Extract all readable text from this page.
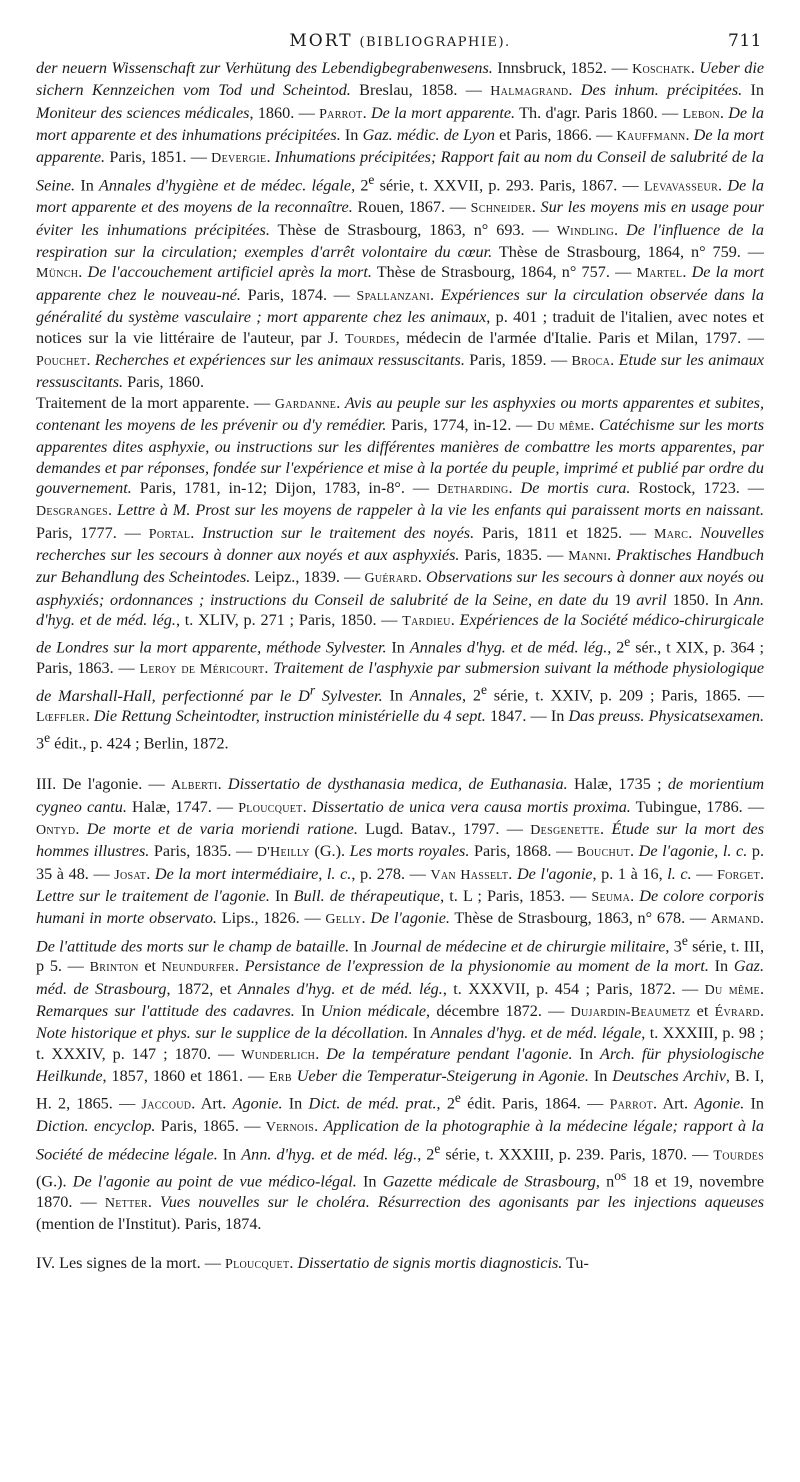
MORT (BIBLIOGRAPHIE).	711

der neuern Wissenschaft zur Verhütung des Lebendigbegrabenwesens. Innsbruck, 1852. — Koschatk. Ueber die sichern Kennzeichen vom Tod und Scheintod. Breslau, 1858. — Halmagrand. Des inhum. précipitées. In Moniteur des sciences médicales, 1860. — Parrot. De la mort apparente. Th. d'agr. Paris 1860. — Lebon. De la mort apparente et des inhumations précipitées. In Gaz. médic. de Lyon et Paris, 1866. — Kauffmann. De la mort apparente. Paris, 1851. — Devergie. Inhumations précipitées; Rapport fait au nom du Conseil de salubrité de la Seine. In Annales d'hygiène et de médec. légale, 2e série, t. XXVII, p. 293. Paris, 1867. — Levavasseur. De la mort apparente et des moyens de la reconnaître. Rouen, 1867. — Schneider. Sur les moyens mis en usage pour éviter les inhumations précipitées. Thèse de Strasbourg, 1863, n° 693. — Windling. De l'influence de la respiration sur la circulation; exemples d'arrêt volontaire du cœur. Thèse de Strasbourg, 1864, n° 759. — Münch. De l'accouchement artificiel après la mort. Thèse de Strasbourg, 1864, n° 757. — Martel. De la mort apparente chez le nouveau-né. Paris, 1874. — Spallanzani. Expériences sur la circulation observée dans la généralité du système vasculaire ; mort apparente chez les animaux, p. 401 ; traduit de l'italien, avec notes et notices sur la vie littéraire de l'auteur, par J. Tourdes, médecin de l'armée d'Italie. Paris et Milan, 1797. — Pouchet. Recherches et expériences sur les animaux ressuscitants. Paris, 1859. — Broca. Etude sur les animaux ressuscitants. Paris, 1860.

Traitement de la mort apparente. — Gardanne. Avis au peuple sur les asphyxies ou morts apparentes et subites, contenant les moyens de les prévenir ou d'y remédier. Paris, 1774, in-12. — Du même. Catéchisme sur les morts apparentes dites asphyxie, ou instructions sur les différentes manières de combattre les morts apparentes, par demandes et par réponses, fondée sur l'expérience et mise à la portée du peuple, imprimé et publié par ordre du gouvernement. Paris, 1781, in-12; Dijon, 1783, in-8°. — Detharding. De mortis cura. Rostock, 1723. — Desgranges. Lettre à M. Prost sur les moyens de rappeler à la vie les enfants qui paraissent morts en naissant. Paris, 1777. — Portal. Instruction sur le traitement des noyés. Paris, 1811 et 1825. — Marc. Nouvelles recherches sur les secours à donner aux noyés et aux asphyxiés. Paris, 1835. — Manni. Praktisches Handbuch zur Behandlung des Scheintodes. Leipz., 1839. — Guérard. Observations sur les secours à donner aux noyés ou asphyxiés; ordonnances ; instructions du Conseil de salubrité de la Seine, en date du 19 avril 1850. In Ann. d'hyg. et de méd. lég., t. XLIV, p. 271 ; Paris, 1850. — Tardieu. Expériences de la Société médico-chirurgicale de Londres sur la mort apparente, méthode Sylvester. In Annales d'hyg. et de méd. lég., 2e sér., t XIX, p. 364 ; Paris, 1863. — Leroy de Méricourt. Traitement de l'asphyxie par submersion suivant la méthode physiologique de Marshall-Hall, perfectionné par le $D^r$ Sylvester. In Annales, 2e série, t. XXIV, p. 209 ; Paris, 1865. — Lœffler. Die Rettung Scheintodter, instruction ministérielle du 4 sept. 1847. — In Das preuss. Physicatsexamen. 3e édit., p. 424 ; Berlin, 1872.

III. De l'agonie. — Alberti. Dissertatio de dysthanasia medica, de Euthanasia. Halæ, 1735 ; de morientium cygneo cantu. Halæ, 1747. — Ploucquet. Dissertatio de unica vera causa mortis proxima. Tubingue, 1786. — Ontyd. De morte et de varia moriendi ratione. Lugd. Batav., 1797. — Desgenette. Étude sur la mort des hommes illustres. Paris, 1835. — D'Heilly (G.). Les morts royales. Paris, 1868. — Bouchut. De l'agonie, l. c. p. 35 à 48. — Josat. De la mort intermédiaire, l. c., p. 278. — Van Hasselt. De l'agonie, p. 1 à 16, l. c. — Forget. Lettre sur le traitement de l'agonie. In Bull. de thérapeutique, t. L ; Paris, 1853. — Seuma. De colore corporis humani in morte observato. Lips., 1826. — Gelly. De l'agonie. Thèse de Strasbourg, 1863, n° 678. — Armand. De l'attitude des morts sur le champ de bataille. In Journal de médecine et de chirurgie militaire, 3e série, t. III, p 5. — Brinton et Neundurfer. Persistance de l'expression de la physionomie au moment de la mort. In Gaz. méd. de Strasbourg, 1872, et Annales d'hyg. et de méd. lég., t. XXXVII, p. 454 ; Paris, 1872. — Du même. Remarques sur l'attitude des cadavres. In Union médicale, décembre 1872. — Dujardin-Beaumetz et Évrard. Note historique et phys. sur le supplice de la décollation. In Annales d'hyg. et de méd. légale, t. XXXIII, p. 98 ; t. XXXIV, p. 147 ; 1870. — Wunderlich. De la température pendant l'agonie. In Arch. für physiologische Heilkunde, 1857, 1860 et 1861. — Erb Ueber die Temperatur-Steigerung in Agonie. In Deutsches Archiv, B. I, H. 2, 1865. — Jaccoud. Art. Agonie. In Dict. de méd. prat., 2e édit. Paris, 1864. — Parrot. Art. Agonie. In Diction. encyclop. Paris, 1865. — Vernois. Application de la photographie à la médecine légale; rapport à la Société de médecine légale. In Ann. d'hyg. et de méd. lég., 2e série, t. XXXIII, p. 239. Paris, 1870. — Tourdes (G.). De l'agonie au point de vue médico-légal. In Gazette médicale de Strasbourg, $n^{os}$ 18 et 19, novembre 1870. — Netter. Vues nouvelles sur le choléra. Résurrection des agonisants par les injections aqueuses (mention de l'Institut). Paris, 1874.

IV. Les signes de la mort. — Ploucquet. Dissertatio de signis mortis diagnosticis. Tu-
